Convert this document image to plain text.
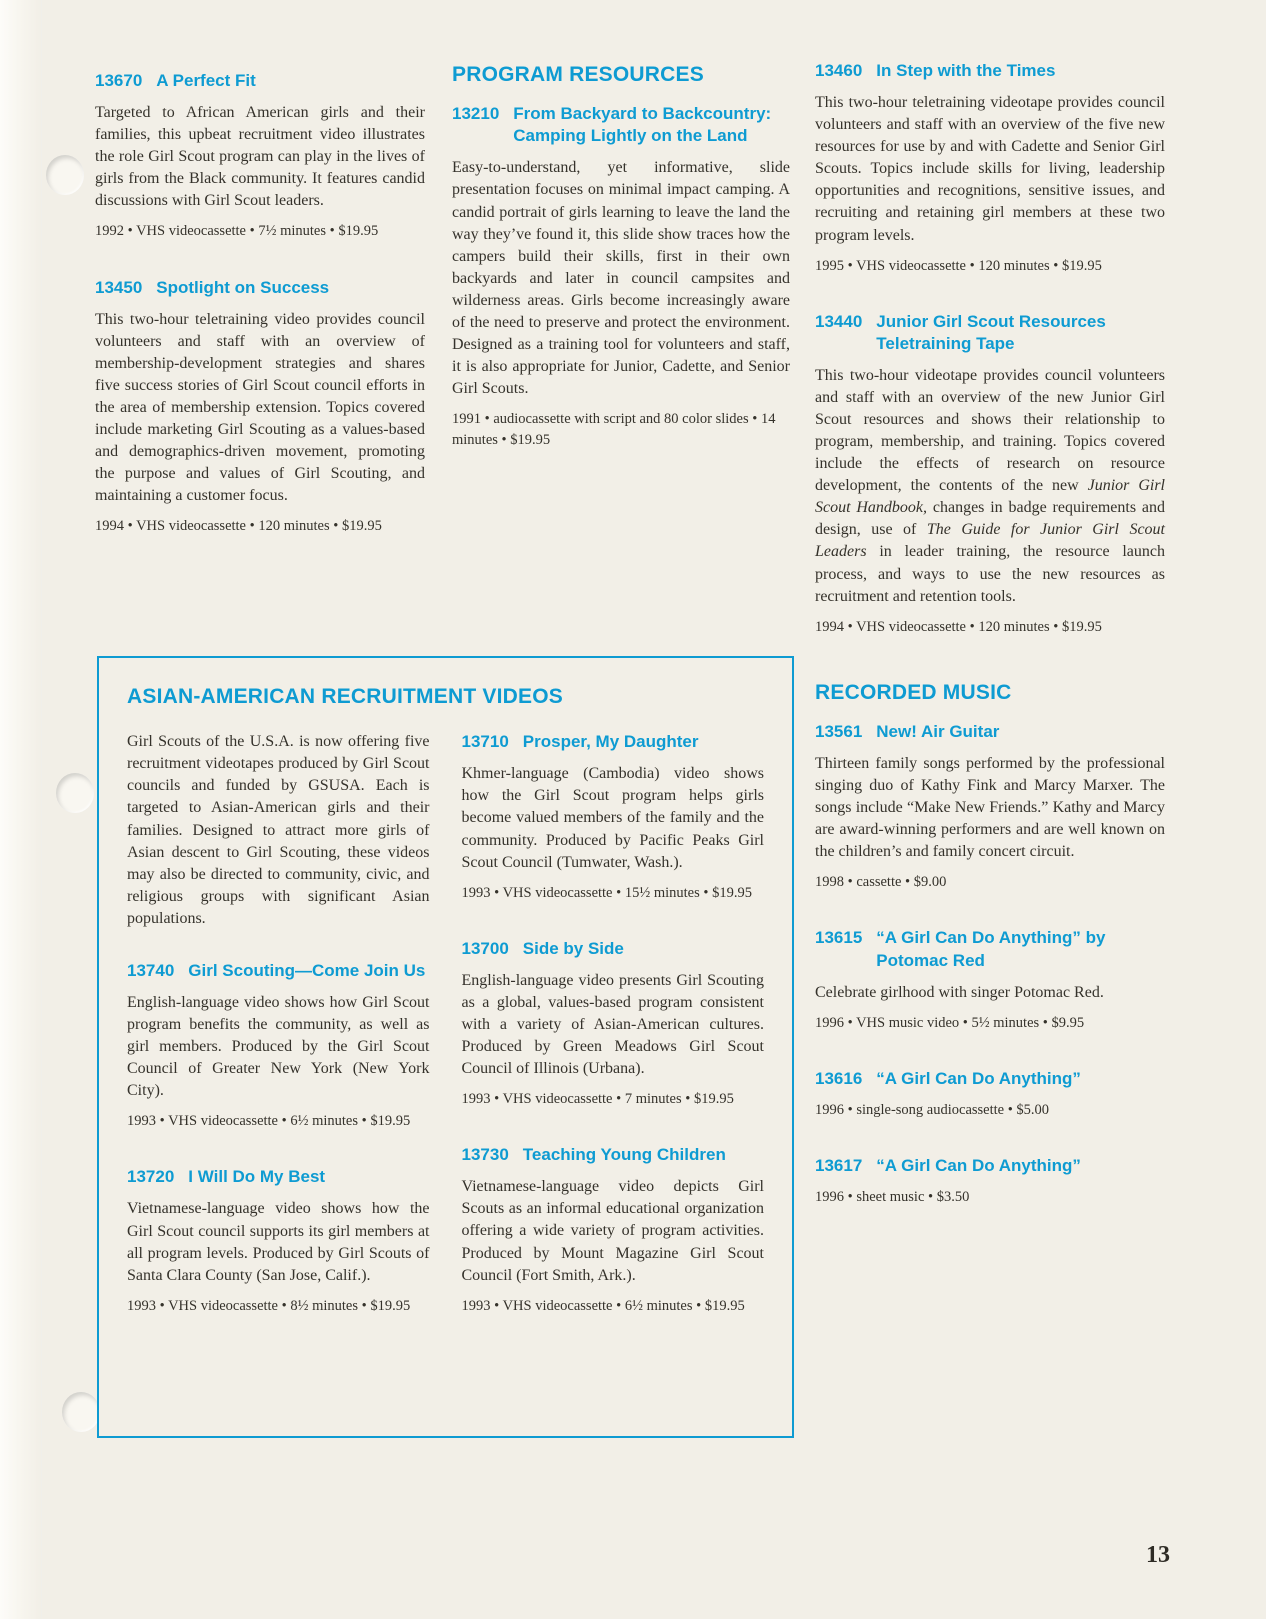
13670 A Perfect Fit

Targeted to African American girls and their families, this upbeat recruitment video illustrates the role Girl Scout program can play in the lives of girls from the Black community. It features candid discussions with Girl Scout leaders.

1992 • VHS videocassette • 7½ minutes • $19.95

13450 Spotlight on Success

This two-hour teletraining video provides council volunteers and staff with an overview of membership-development strategies and shares five success stories of Girl Scout council efforts in the area of membership extension. Topics covered include marketing Girl Scouting as a values-based and demographics-driven movement, promoting the purpose and values of Girl Scouting, and maintaining a customer focus.

1994 • VHS videocassette • 120 minutes • $19.95

PROGRAM RESOURCES
13210 From Backyard to Backcountry: Camping Lightly on the Land

Easy-to-understand, yet informative, slide presentation focuses on minimal impact camping. A candid portrait of girls learning to leave the land the way they’ve found it, this slide show traces how the campers build their skills, first in their own backyards and later in council campsites and wilderness areas. Girls become increasingly aware of the need to preserve and protect the environment. Designed as a training tool for volunteers and staff, it is also appropriate for Junior, Cadette, and Senior Girl Scouts.

1991 • audiocassette with script and 80 color slides • 14 minutes • $19.95

ASIAN-AMERICAN RECRUITMENT VIDEOS

Girl Scouts of the U.S.A. is now offering five recruitment videotapes produced by Girl Scout councils and funded by GSUSA. Each is targeted to Asian-American girls and their families. Designed to attract more girls of Asian descent to Girl Scouting, these videos may also be directed to community, civic, and religious groups with significant Asian populations.

13740 Girl Scouting—Come Join Us

English-language video shows how Girl Scout program benefits the community, as well as girl members. Produced by the Girl Scout Council of Greater New York (New York City).

1993 • VHS videocassette • 6½ minutes • $19.95

13720 I Will Do My Best

Vietnamese-language video shows how the Girl Scout council supports its girl members at all program levels. Produced by Girl Scouts of Santa Clara County (San Jose, Calif.).

1993 • VHS videocassette • 8½ minutes • $19.95

13710 Prosper, My Daughter

Khmer-language (Cambodia) video shows how the Girl Scout program helps girls become valued members of the family and the community. Produced by Pacific Peaks Girl Scout Council (Tumwater, Wash.).

1993 • VHS videocassette • 15½ minutes • $19.95

13700 Side by Side

English-language video presents Girl Scouting as a global, values-based program consistent with a variety of Asian-American cultures. Produced by Green Meadows Girl Scout Council of Illinois (Urbana).

1993 • VHS videocassette • 7 minutes • $19.95

13730 Teaching Young Children

Vietnamese-language video depicts Girl Scouts as an informal educational organization offering a wide variety of program activities. Produced by Mount Magazine Girl Scout Council (Fort Smith, Ark.).

1993 • VHS videocassette • 6½ minutes • $19.95

13460 In Step with the Times

This two-hour teletraining videotape provides council volunteers and staff with an overview of the five new resources for use by and with Cadette and Senior Girl Scouts. Topics include skills for living, leadership opportunities and recognitions, sensitive issues, and recruiting and retaining girl members at these two program levels.

1995 • VHS videocassette • 120 minutes • $19.95

13440 Junior Girl Scout Resources Teletraining Tape

This two-hour videotape provides council volunteers and staff with an overview of the new Junior Girl Scout resources and shows their relationship to program, membership, and training. Topics covered include the effects of research on resource development, the contents of the new Junior Girl Scout Handbook, changes in badge requirements and design, use of The Guide for Junior Girl Scout Leaders in leader training, the resource launch process, and ways to use the new resources as recruitment and retention tools.

1994 • VHS videocassette • 120 minutes • $19.95

RECORDED MUSIC
13561 New! Air Guitar

Thirteen family songs performed by the professional singing duo of Kathy Fink and Marcy Marxer. The songs include “Make New Friends.” Kathy and Marcy are award-winning performers and are well known on the children’s and family concert circuit.

1998 • cassette • $9.00

13615 “A Girl Can Do Anything” by Potomac Red

Celebrate girlhood with singer Potomac Red.

1996 • VHS music video • 5½ minutes • $9.95

13616 “A Girl Can Do Anything”

1996 • single-song audiocassette • $5.00

13617 “A Girl Can Do Anything”

1996 • sheet music • $3.50

13
